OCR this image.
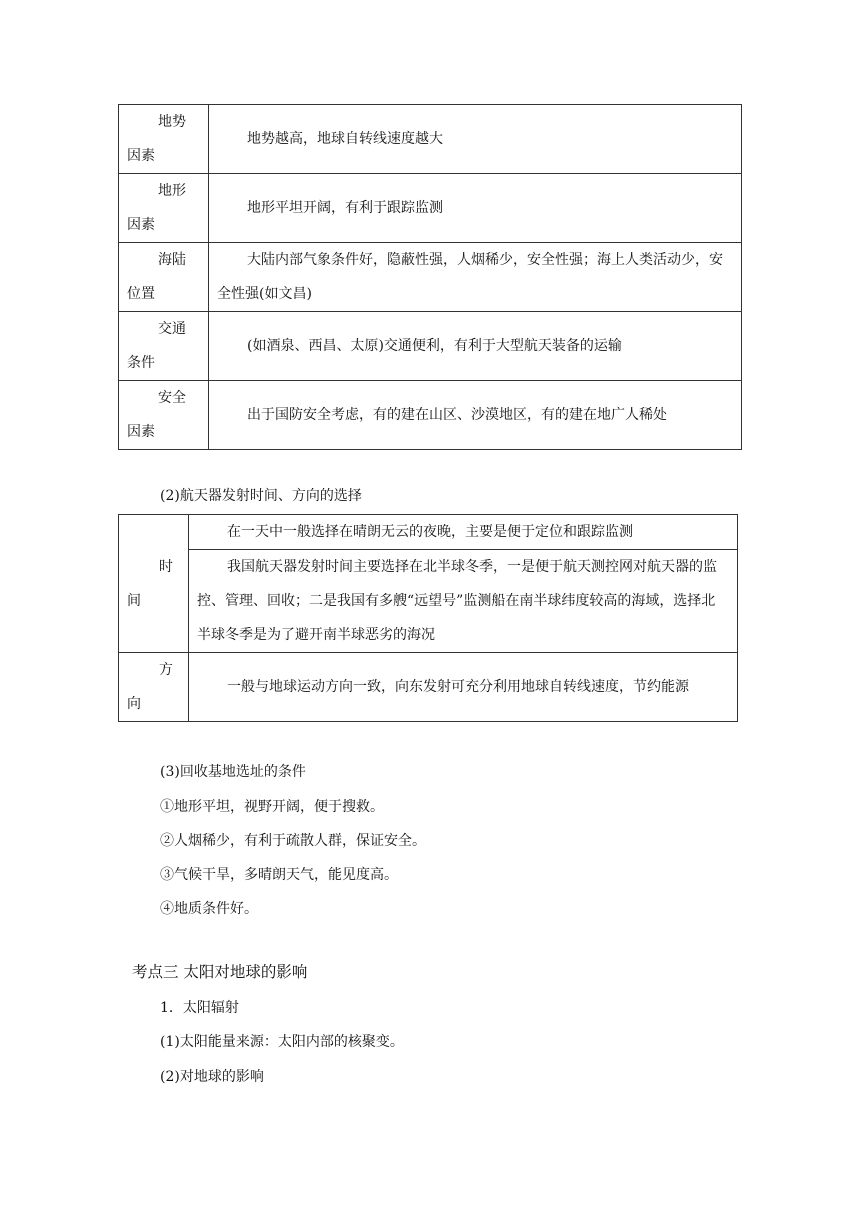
地势
因素	地势越高，地球自转线速度越大

地形
因素	地形平坦开阔，有利于跟踪监测

海陆
位置	大陆内部气象条件好，隐蔽性强，人烟稀少，安全性强；海上人类活动少，安全性强(如文昌)

交通
条件	(如酒泉、西昌、太原)交通便利，有利于大型航天装备的运输

安全
因素	出于国防安全考虑，有的建在山区、沙漠地区，有的建在地广人稀处
(2)航天器发射时间、方向的选择
时
间	在一天中一般选择在晴朗无云的夜晚，主要是便于定位和跟踪监测
	我国航天器发射时间主要选择在北半球冬季，一是便于航天测控网对航天器的监控、管理、回收；二是我国有多艘“远望号”监测船在南半球纬度较高的海域，选择北半球冬季是为了避开南半球恶劣的海况

方
向	一般与地球运动方向一致，向东发射可充分利用地球自转线速度，节约能源
(3)回收基地选址的条件
①地形平坦，视野开阔，便于搜救。
②人烟稀少，有利于疏散人群，保证安全。
③气候干旱，多晴朗天气，能见度高。
④地质条件好。
考点三 太阳对地球的影响
1．太阳辐射
(1)太阳能量来源：太阳内部的核聚变。
(2)对地球的影响
